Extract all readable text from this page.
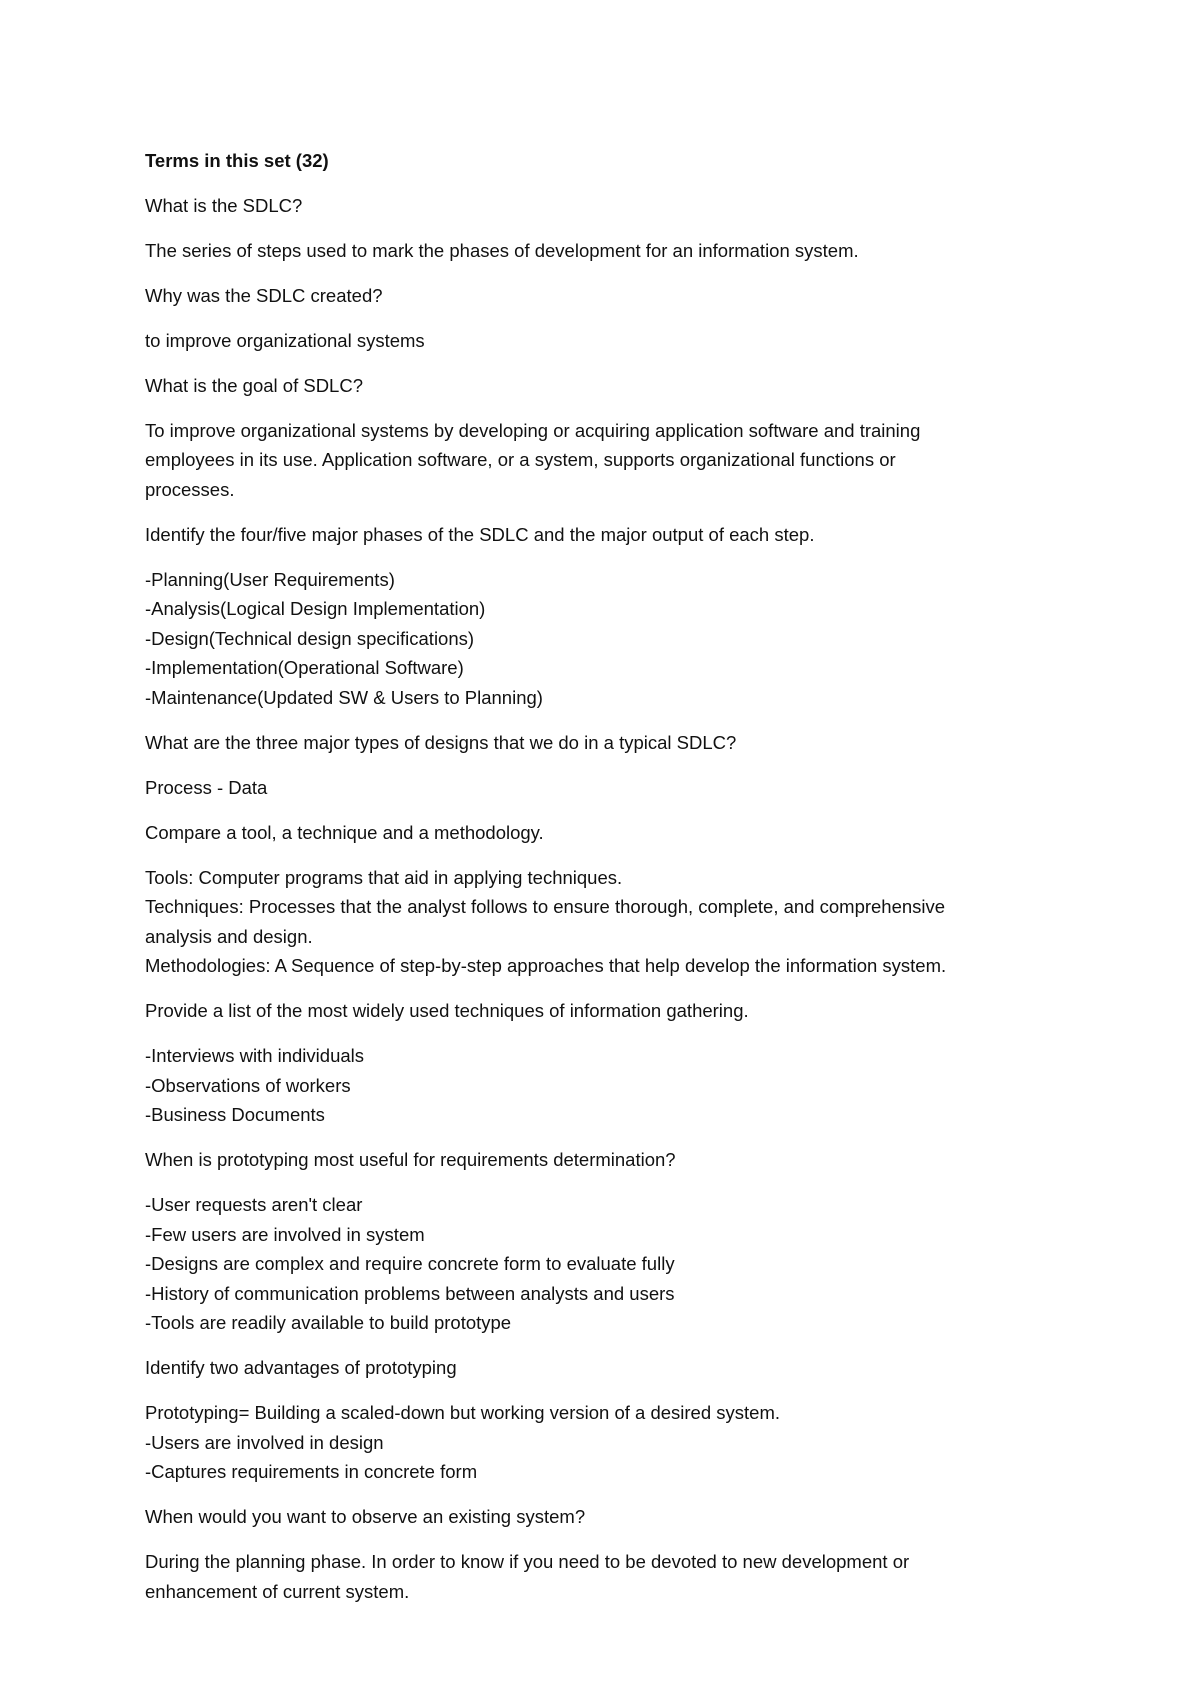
Terms in this set (32)
What is the SDLC?
The series of steps used to mark the phases of development for an information system.
Why was the SDLC created?
to improve organizational systems
What is the goal of SDLC?
To improve organizational systems by developing or acquiring application software and training
employees in its use. Application software, or a system, supports organizational functions or
processes.
Identify the four/five major phases of the SDLC and the major output of each step.
-Planning(User Requirements)
-Analysis(Logical Design Implementation)
-Design(Technical design specifications)
-Implementation(Operational Software)
-Maintenance(Updated SW & Users to Planning)
What are the three major types of designs that we do in a typical SDLC?
Process - Data
Compare a tool, a technique and a methodology.
Tools: Computer programs that aid in applying techniques.
Techniques: Processes that the analyst follows to ensure thorough, complete, and comprehensive
analysis and design.
Methodologies: A Sequence of step-by-step approaches that help develop the information system.
Provide a list of the most widely used techniques of information gathering.
-Interviews with individuals
-Observations of workers
-Business Documents
When is prototyping most useful for requirements determination?
-User requests aren't clear
-Few users are involved in system
-Designs are complex and require concrete form to evaluate fully
-History of communication problems between analysts and users
-Tools are readily available to build prototype
Identify two advantages of prototyping
Prototyping= Building a scaled-down but working version of a desired system.
-Users are involved in design
-Captures requirements in concrete form
When would you want to observe an existing system?
During the planning phase. In order to know if you need to be devoted to new development or
enhancement of current system.
